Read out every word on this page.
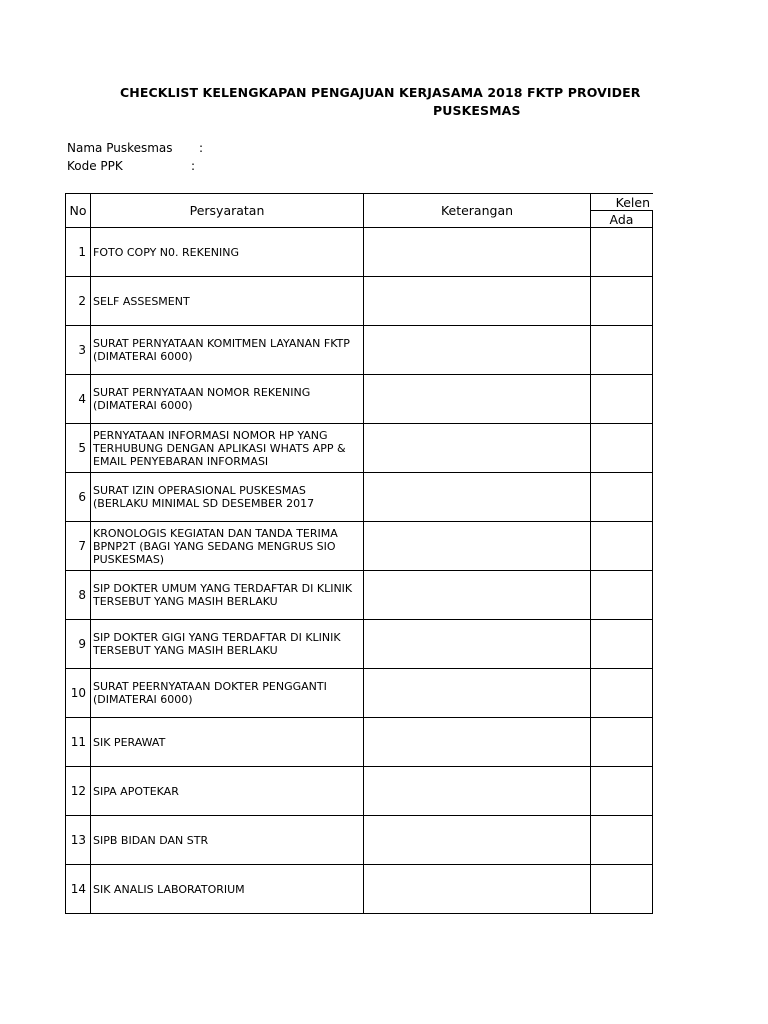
CHECKLIST KELENGKAPAN PENGAJUAN KERJASAMA 2018 FKTP PROVIDER
PUSKESMAS
Nama Puskesmas :
Kode PPK	:
No	Persyaratan	Keterangan	Kelen	
			Ada	
1	FOTO COPY N0. REKENING			
2	SELF ASSESMENT			
3	SURAT PERNYATAAN KOMITMEN LAYANAN FKTP (DIMATERAI 6000)			
4	SURAT PERNYATAAN NOMOR REKENING (DIMATERAI 6000)			
5	PERNYATAAN INFORMASI NOMOR HP YANG TERHUBUNG DENGAN APLIKASI WHATS APP & EMAIL PENYEBARAN INFORMASI			
6	SURAT IZIN OPERASIONAL PUSKESMAS (BERLAKU MINIMAL SD DESEMBER 2017			
7	KRONOLOGIS KEGIATAN DAN TANDA TERIMA BPNP2T (BAGI YANG SEDANG MENGRUS SIO PUSKESMAS)			
8	SIP DOKTER UMUM YANG TERDAFTAR DI KLINIK TERSEBUT YANG MASIH BERLAKU			
9	SIP DOKTER GIGI YANG TERDAFTAR DI KLINIK TERSEBUT YANG MASIH BERLAKU			
10	SURAT PEERNYATAAN DOKTER PENGGANTI (DIMATERAI 6000)			
11	SIK PERAWAT			
12	SIPA APOTEKAR			
13	SIPB BIDAN DAN STR			
14	SIK ANALIS LABORATORIUM			
